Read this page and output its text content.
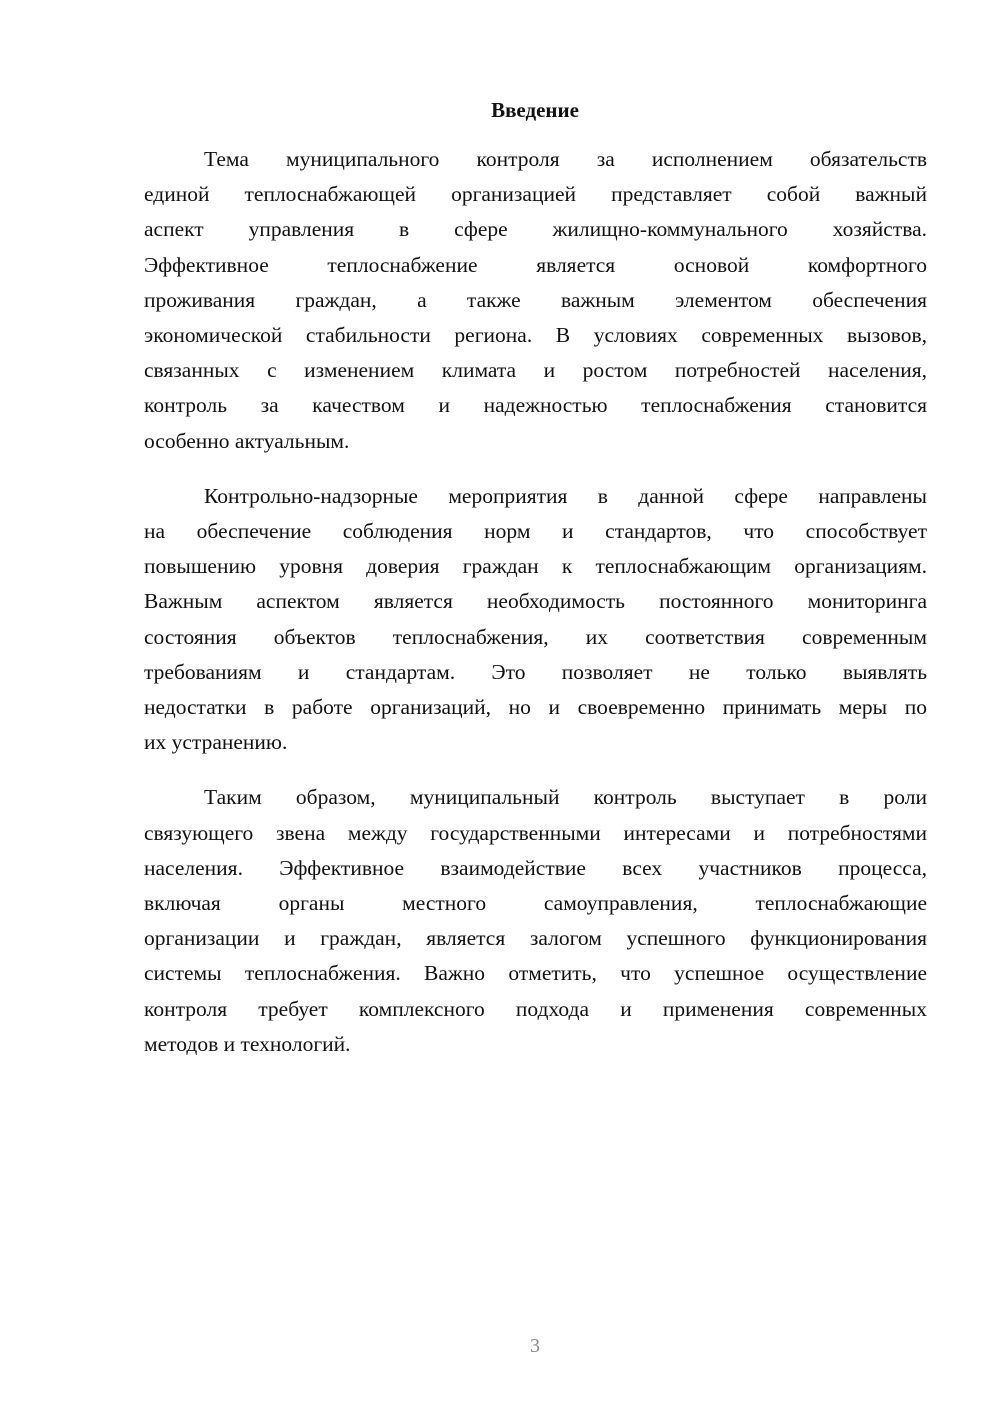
Введение
Тема муниципального контроля за исполнением обязательств
единой теплоснабжающей организацией представляет собой важный
аспект управления в сфере жилищно-коммунального хозяйства.
Эффективное теплоснабжение является основой комфортного
проживания граждан, а также важным элементом обеспечения
экономической стабильности региона. В условиях современных вызовов,
связанных с изменением климата и ростом потребностей населения,
контроль за качеством и надежностью теплоснабжения становится
особенно актуальным.
Контрольно-надзорные мероприятия в данной сфере направлены
на обеспечение соблюдения норм и стандартов, что способствует
повышению уровня доверия граждан к теплоснабжающим организациям.
Важным аспектом является необходимость постоянного мониторинга
состояния объектов теплоснабжения, их соответствия современным
требованиям и стандартам. Это позволяет не только выявлять
недостатки в работе организаций, но и своевременно принимать меры по
их устранению.
Таким образом, муниципальный контроль выступает в роли
связующего звена между государственными интересами и потребностями
населения. Эффективное взаимодействие всех участников процесса,
включая органы местного самоуправления, теплоснабжающие
организации и граждан, является залогом успешного функционирования
системы теплоснабжения. Важно отметить, что успешное осуществление
контроля требует комплексного подхода и применения современных
методов и технологий.
3
